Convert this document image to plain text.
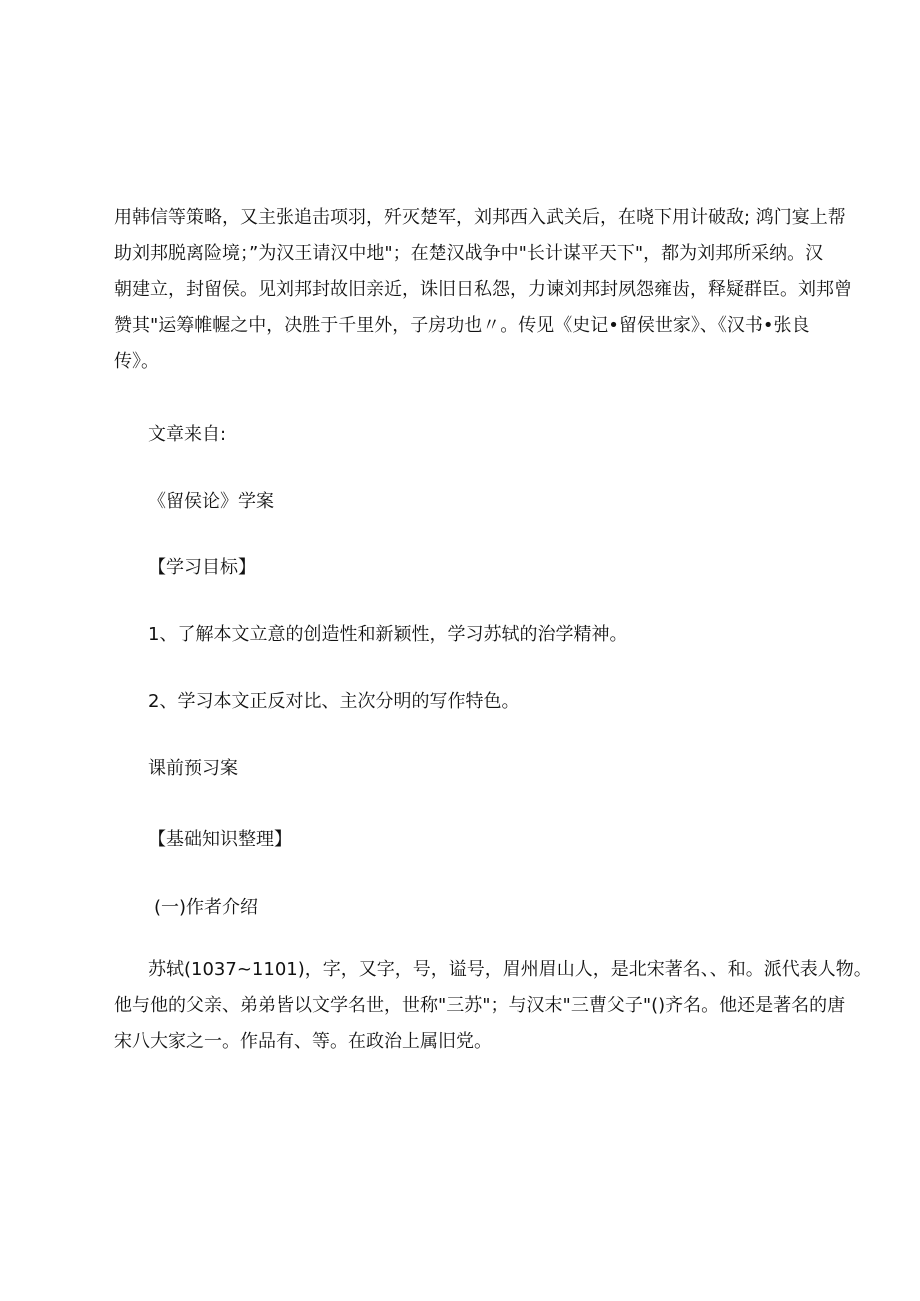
用韩信等策略，又主张追击项羽，歼灭楚军，刘邦西入武关后，在哓下用计破敌; 鸿门宴上帮
助刘邦脱离险境；”为汉王请汉中地"；在楚汉战争中"长计谋平天下"，都为刘邦所采纳。汉
朝建立，封留侯。见刘邦封故旧亲近，诛旧日私怨，力谏刘邦封夙怨雍齿，释疑群臣。刘邦曾
赞其"运筹帷幄之中，决胜于千里外，子房功也〃。传见《史记•留侯世家》、《汉书•张良
传》。

文章来自:

《留侯论》学案

【学习目标】

1、了解本文立意的创造性和新颖性，学习苏轼的治学精神。

2、学习本文正反对比、主次分明的写作特色。

课前预习案

【基础知识整理】

(一)作者介绍

苏轼(1037~1101)，字，又字，号，谥号，眉州眉山人，是北宋著名、、和。派代表人物。
他与他的父亲、弟弟皆以文学名世，世称"三苏"；与汉末"三曹父子"()齐名。他还是著名的唐
宋八大家之一。作品有、等。在政治上属旧党。
